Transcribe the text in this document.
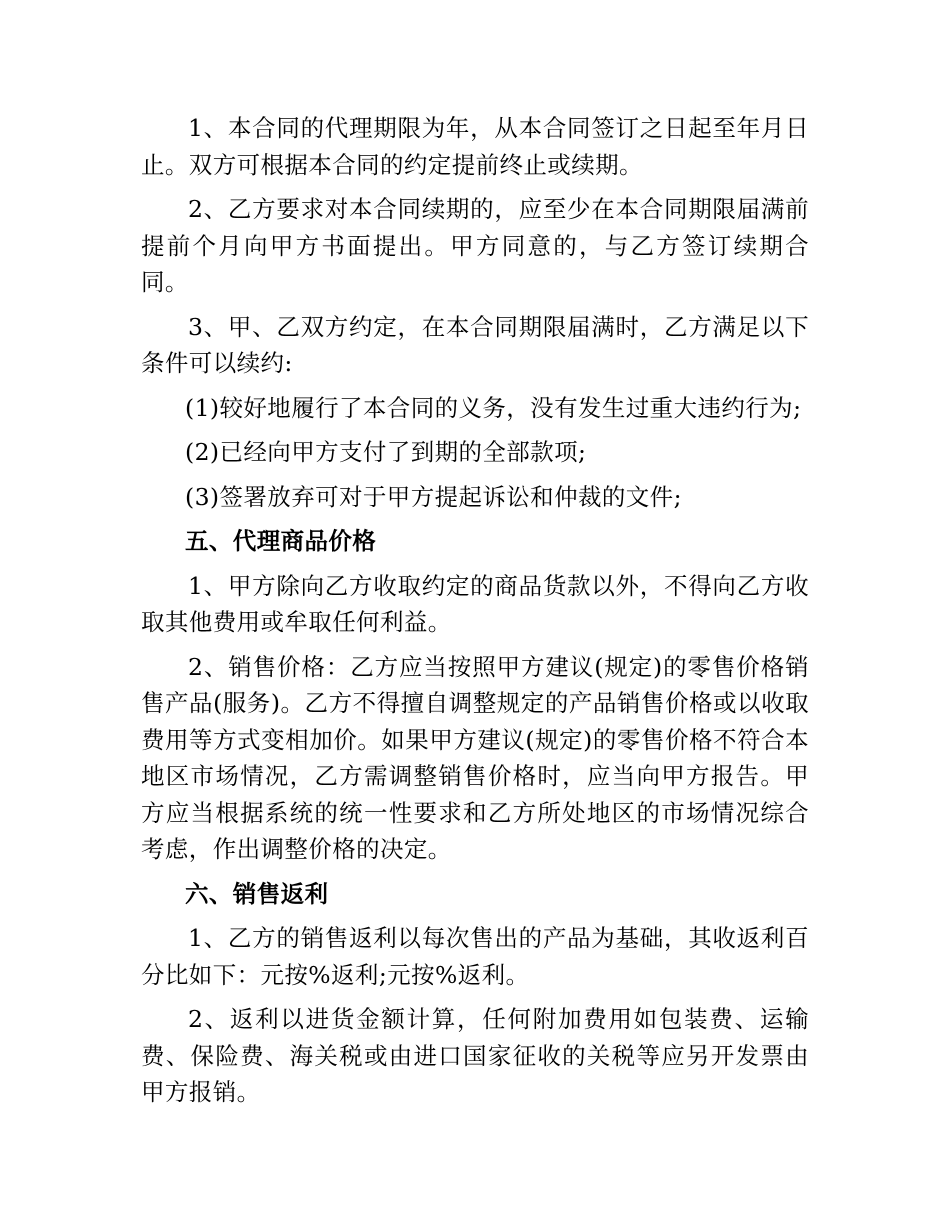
1、本合同的代理期限为年，从本合同签订之日起至年月日止。双方可根据本合同的约定提前终止或续期。

2、乙方要求对本合同续期的，应至少在本合同期限届满前提前个月向甲方书面提出。甲方同意的，与乙方签订续期合同。

3、甲、乙双方约定，在本合同期限届满时，乙方满足以下条件可以续约:

(1)较好地履行了本合同的义务，没有发生过重大违约行为;

(2)已经向甲方支付了到期的全部款项;

(3)签署放弃可对于甲方提起诉讼和仲裁的文件;

五、代理商品价格

1、甲方除向乙方收取约定的商品货款以外，不得向乙方收取其他费用或牟取任何利益。

2、销售价格：乙方应当按照甲方建议(规定)的零售价格销售产品(服务)。乙方不得擅自调整规定的产品销售价格或以收取费用等方式变相加价。如果甲方建议(规定)的零售价格不符合本地区市场情况，乙方需调整销售价格时，应当向甲方报告。甲方应当根据系统的统一性要求和乙方所处地区的市场情况综合考虑，作出调整价格的决定。

六、销售返利

1、乙方的销售返利以每次售出的产品为基础，其收返利百分比如下：元按%返利;元按%返利。

2、返利以进货金额计算，任何附加费用如包装费、运输费、保险费、海关税或由进口国家征收的关税等应另开发票由甲方报销。
